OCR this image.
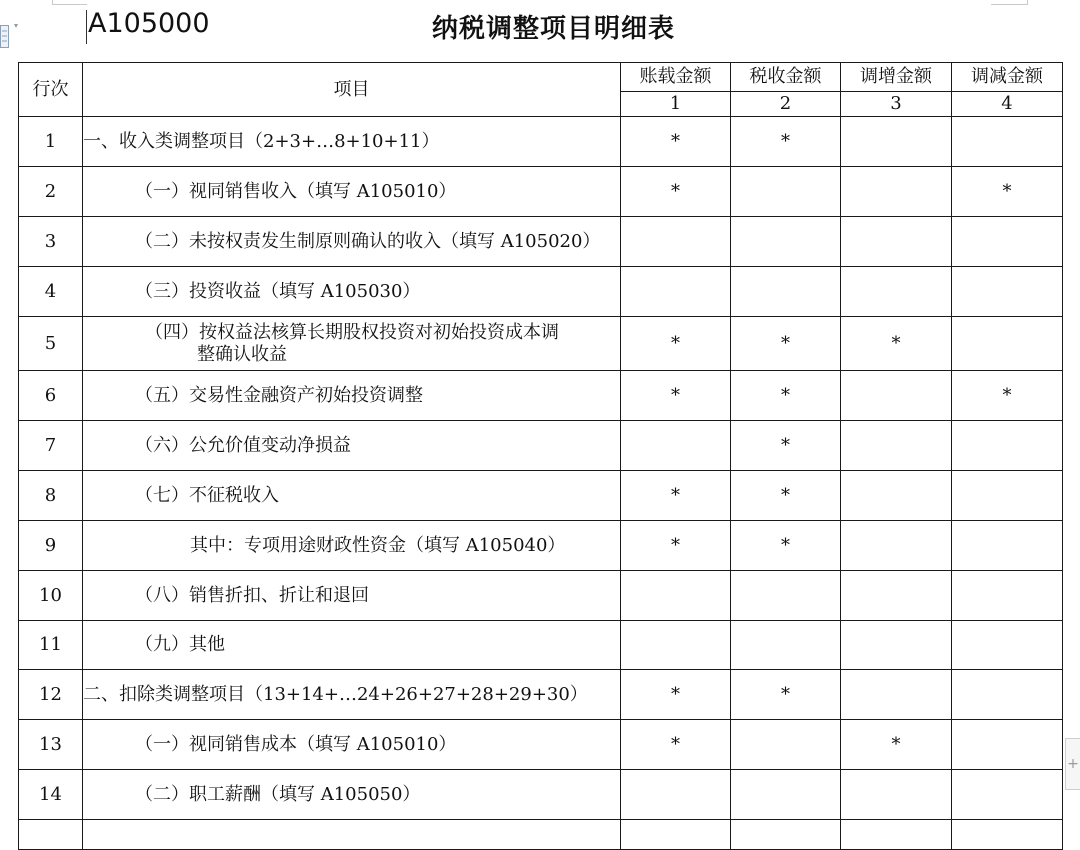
A105000	纳税调整项目明细表
行次	项目	账载金额	税收金额	调增金额	调减金额
		1	2	3	4
1	一、收入类调整项目（2+3+…8+10+11）	*	*		
2	（一）视同销售收入（填写 A105010）	*			*
3	（二）未按权责发生制原则确认的收入（填写 A105020）				
4	（三）投资收益（填写 A105030）				
5	（四）按权益法核算长期股权投资对初始投资成本调
整确认收益	*	*	*	
6	（五）交易性金融资产初始投资调整	*	*		*
7	（六）公允价值变动净损益		*		
8	（七）不征税收入	*	*		
9	其中：专项用途财政性资金（填写 A105040）	*	*		
10	（八）销售折扣、折让和退回				
11	（九）其他				
12	二、扣除类调整项目（13+14+…24+26+27+28+29+30）	*	*		
13	（一）视同销售成本（填写 A105010）	*		*	
14	（二）职工薪酬（填写 A105050）				

+
